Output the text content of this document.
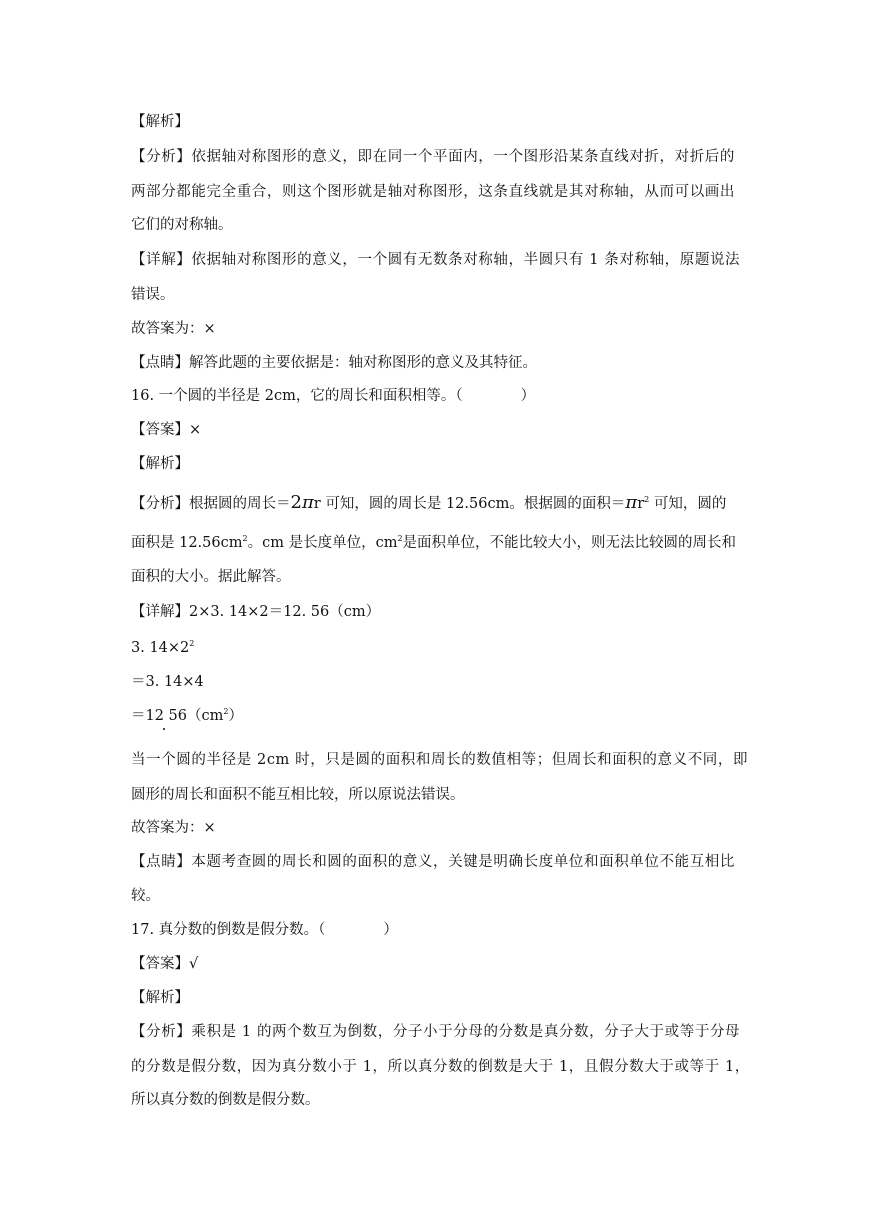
【解析】
【分析】依据轴对称图形的意义，即在同一个平面内，一个图形沿某条直线对折，对折后的
两部分都能完全重合，则这个图形就是轴对称图形，这条直线就是其对称轴，从而可以画出
它们的对称轴。
【详解】依据轴对称图形的意义，一个圆有无数条对称轴，半圆只有 1 条对称轴，原题说法
错误。
故答案为：×
【点睛】解答此题的主要依据是：轴对称图形的意义及其特征。
16. 一个圆的半径是 2cm，它的周长和面积相等。（　　　　）
【答案】×
【解析】
【分析】根据圆的周长＝2πr 可知，圆的周长是 12.56cm。根据圆的面积$=\pi r^2$ 可知，圆的
面积是 $12.56cm^2$。cm 是长度单位，$cm^2$是面积单位，不能比较大小，则无法比较圆的周长和
面积的大小。据此解答。
【详解】2×3. 14×2＝12. 56（cm）
3. $14\times 2^2$
＝3. 14×4
＝12 $56(cm^2)$
当一个圆的半径是 2cm 时，只是圆的面积和周长的数值相等；但周长和面积的意义不同，即
圆形的周长和面积不能互相比较，所以原说法错误。
故答案为：×
【点睛】本题考查圆的周长和圆的面积的意义，关键是明确长度单位和面积单位不能互相比
较。
17. 真分数的倒数是假分数。（　　　　）
【答案】√
【解析】
【分析】乘积是 1 的两个数互为倒数，分子小于分母的分数是真分数，分子大于或等于分母
的分数是假分数，因为真分数小于 1，所以真分数的倒数是大于 1，且假分数大于或等于 1，
所以真分数的倒数是假分数。
